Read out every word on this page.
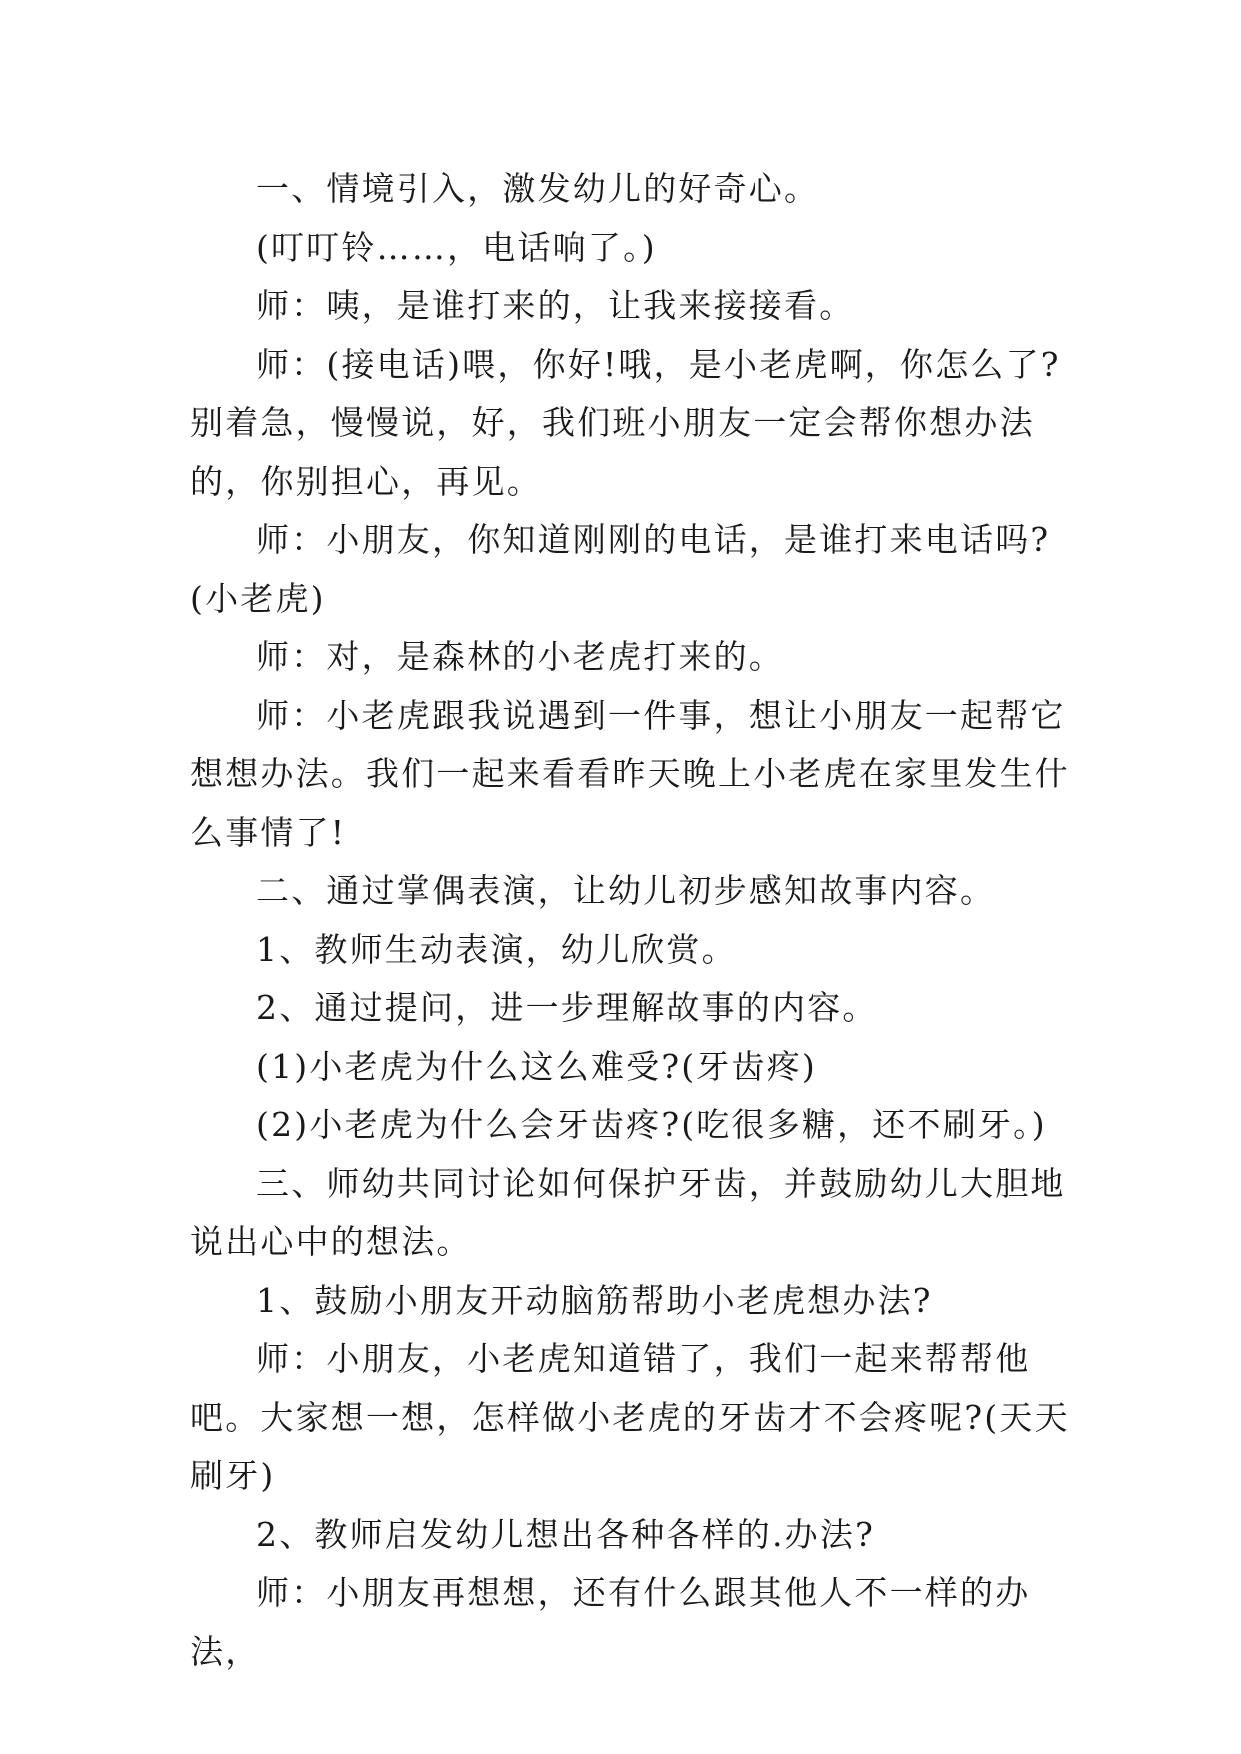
一、情境引入，激发幼儿的好奇心。

(叮叮铃……，电话响了。)

师：咦，是谁打来的，让我来接接看。

师：(接电话)喂，你好!哦，是小老虎啊，你怎么了?别着急，慢慢说，好，我们班小朋友一定会帮你想办法的，你别担心，再见。

师：小朋友，你知道刚刚的电话，是谁打来电话吗?(小老虎)

师：对，是森林的小老虎打来的。

师：小老虎跟我说遇到一件事，想让小朋友一起帮它想想办法。我们一起来看看昨天晚上小老虎在家里发生什么事情了!

二、通过掌偶表演，让幼儿初步感知故事内容。

1、教师生动表演，幼儿欣赏。

2、通过提问，进一步理解故事的内容。

(1)小老虎为什么这么难受?(牙齿疼)

(2)小老虎为什么会牙齿疼?(吃很多糖，还不刷牙。)

三、师幼共同讨论如何保护牙齿，并鼓励幼儿大胆地说出心中的想法。

1、鼓励小朋友开动脑筋帮助小老虎想办法?

师：小朋友，小老虎知道错了，我们一起来帮帮他吧。大家想一想，怎样做小老虎的牙齿才不会疼呢?(天天刷牙)

2、教师启发幼儿想出各种各样的.办法?

师：小朋友再想想，还有什么跟其他人不一样的办法，
